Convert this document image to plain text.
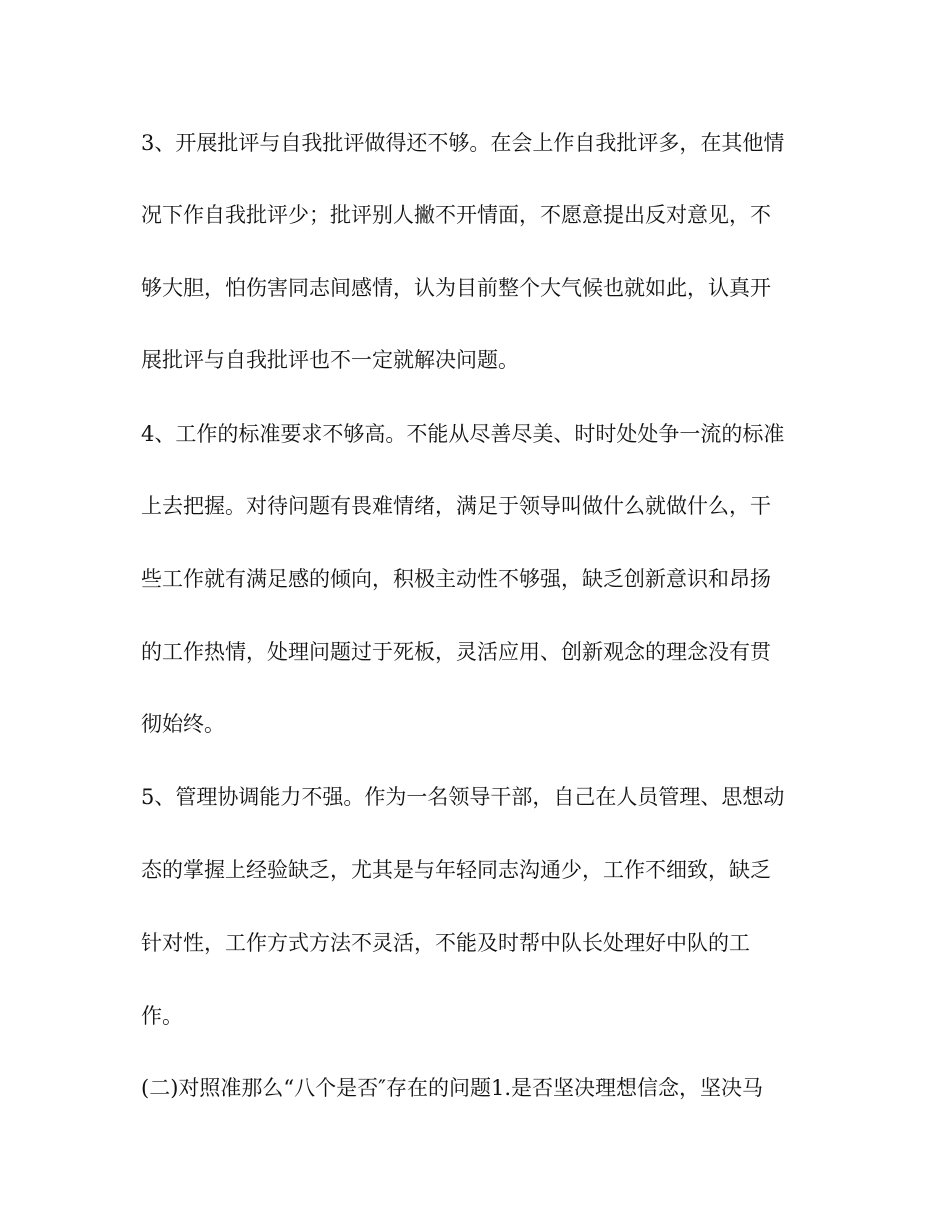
3、开展批评与自我批评做得还不够。在会上作自我批评多，在其他情
况下作自我批评少；批评别人撇不开情面，不愿意提出反对意见，不
够大胆，怕伤害同志间感情，认为目前整个大气候也就如此，认真开
展批评与自我批评也不一定就解决问题。
4、工作的标准要求不够高。不能从尽善尽美、时时处处争一流的标准
上去把握。对待问题有畏难情绪，满足于领导叫做什么就做什么，干
些工作就有满足感的倾向，积极主动性不够强，缺乏创新意识和昂扬
的工作热情，处理问题过于死板，灵活应用、创新观念的理念没有贯
彻始终。
5、管理协调能力不强。作为一名领导干部，自己在人员管理、思想动
态的掌握上经验缺乏，尤其是与年轻同志沟通少，工作不细致，缺乏
针对性，工作方式方法不灵活，不能及时帮中队长处理好中队的工
作。
(二)对照准那么“八个是否″存在的问题1.是否坚决理想信念，坚决马
